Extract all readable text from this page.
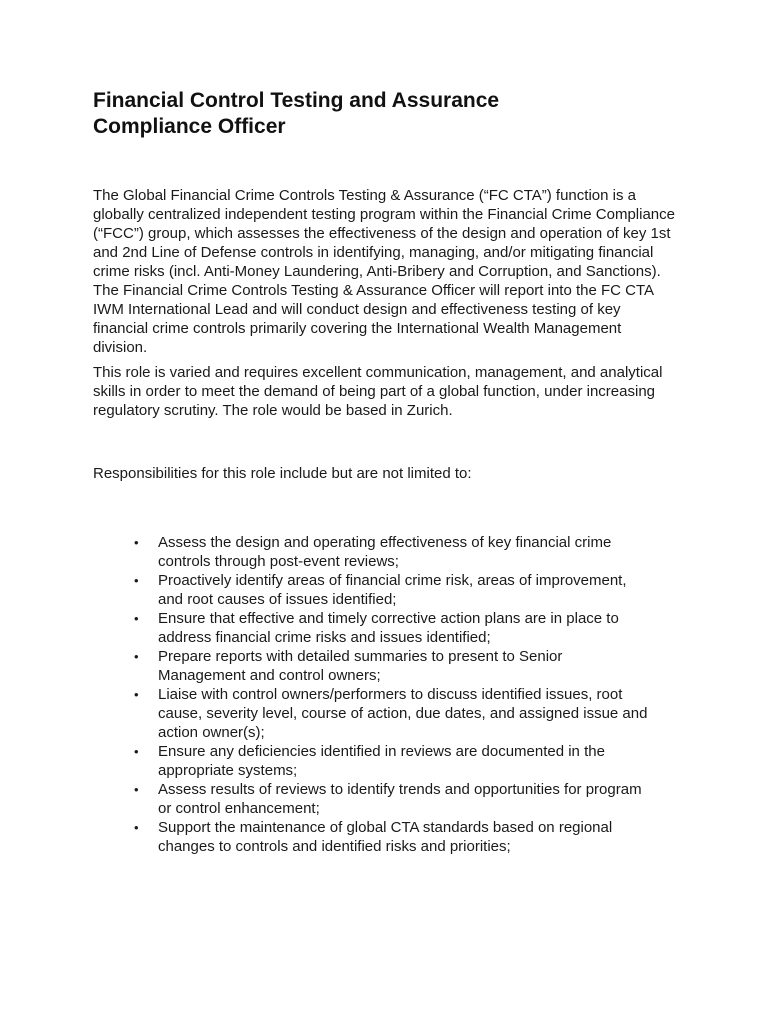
Financial Control Testing and Assurance Compliance Officer

The Global Financial Crime Controls Testing & Assurance (“FC CTA”) function is a globally centralized independent testing program within the Financial Crime Compliance (“FCC”) group, which assesses the effectiveness of the design and operation of key 1st and 2nd Line of Defense controls in identifying, managing, and/or mitigating financial crime risks (incl. Anti-Money Laundering, Anti-Bribery and Corruption, and Sanctions). The Financial Crime Controls Testing & Assurance Officer will report into the FC CTA IWM International Lead and will conduct design and effectiveness testing of key financial crime controls primarily covering the International Wealth Management division.

This role is varied and requires excellent communication, management, and analytical skills in order to meet the demand of being part of a global function, under increasing regulatory scrutiny. The role would be based in Zurich.

Responsibilities for this role include but are not limited to:

• Assess the design and operating effectiveness of key financial crime controls through post-event reviews;
• Proactively identify areas of financial crime risk, areas of improvement, and root causes of issues identified;
• Ensure that effective and timely corrective action plans are in place to address financial crime risks and issues identified;
• Prepare reports with detailed summaries to present to Senior Management and control owners;
• Liaise with control owners/performers to discuss identified issues, root cause, severity level, course of action, due dates, and assigned issue and action owner(s);
• Ensure any deficiencies identified in reviews are documented in the appropriate systems;
• Assess results of reviews to identify trends and opportunities for program or control enhancement;
• Support the maintenance of global CTA standards based on regional changes to controls and identified risks and priorities;
